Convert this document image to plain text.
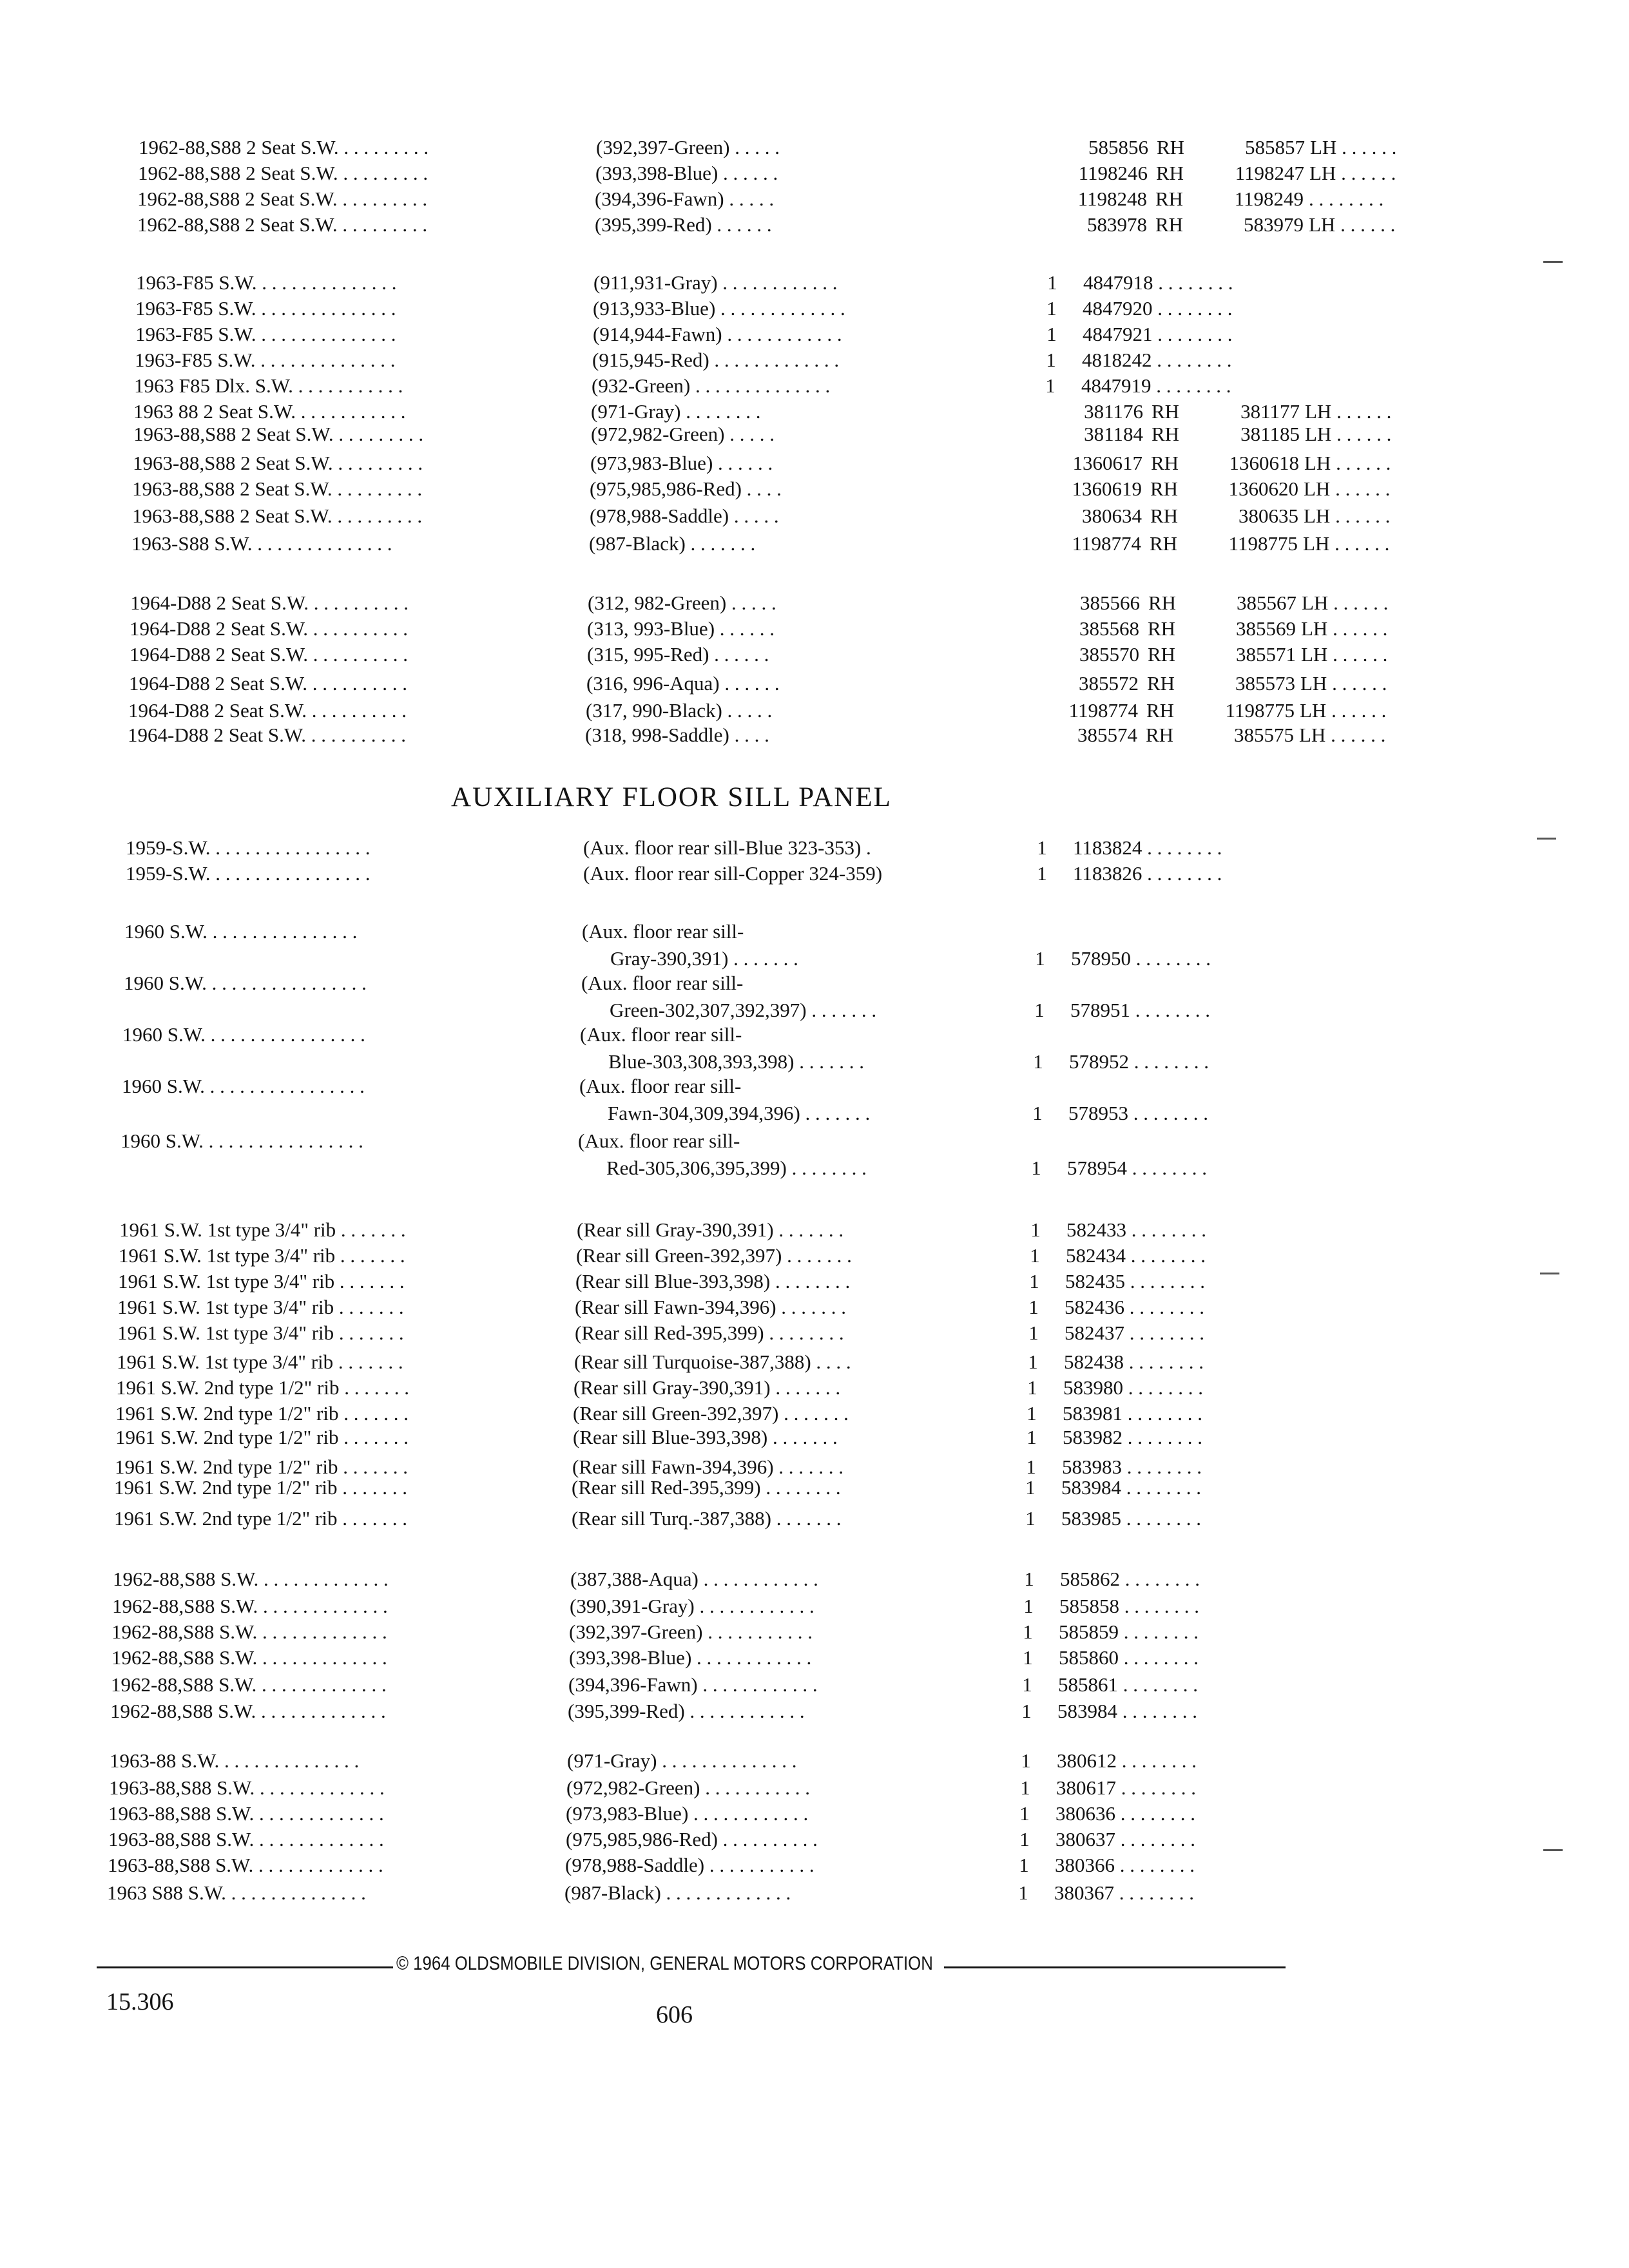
1962-88,S88 2 Seat S.W. . . . . . . . . .	(392,397-Green) . . . . .	585856 RH	585857 LH . . . . . .
1962-88,S88 2 Seat S.W. . . . . . . . . .	(393,398-Blue) . . . . . .	1198246 RH	1198247 LH . . . . . .
1962-88,S88 2 Seat S.W. . . . . . . . . .	(394,396-Fawn) . . . . .	1198248 RH	1198249 . . . . . . . .
1962-88,S88 2 Seat S.W. . . . . . . . . .	(395,399-Red) . . . . . .	583978 RH	583979 LH . . . . . .
1963-F85 S.W. . . . . . . . . . . . . . .	(911,931-Gray) . . . . . . . . . . . .	1 4847918 . . . . . . . .
1963-F85 S.W. . . . . . . . . . . . . . .	(913,933-Blue) . . . . . . . . . . . . .	1 4847920 . . . . . . . .
1963-F85 S.W. . . . . . . . . . . . . . .	(914,944-Fawn) . . . . . . . . . . . .	1 4847921 . . . . . . . .
1963-F85 S.W. . . . . . . . . . . . . . .	(915,945-Red) . . . . . . . . . . . . .	1 4818242 . . . . . . . .
1963 F85 Dlx. S.W. . . . . . . . . . . .	(932-Green) . . . . . . . . . . . . . .	1 4847919 . . . . . . . .
1963 88 2 Seat S.W. . . . . . . . . . . .	(971-Gray) . . . . . . . .	381176 RH	381177 LH . . . . . .
1963-88,S88 2 Seat S.W. . . . . . . . . .	(972,982-Green) . . . . .	381184 RH	381185 LH . . . . . .
1963-88,S88 2 Seat S.W. . . . . . . . . .	(973,983-Blue) . . . . . .	1360617 RH	1360618 LH . . . . . .
1963-88,S88 2 Seat S.W. . . . . . . . . .	(975,985,986-Red) . . . .	1360619 RH	1360620 LH . . . . . .
1963-88,S88 2 Seat S.W. . . . . . . . . .	(978,988-Saddle) . . . . .	380634 RH	380635 LH . . . . . .
1963-S88 S.W. . . . . . . . . . . . . . .	(987-Black) . . . . . . .	1198774 RH	1198775 LH . . . . . .
1964-D88 2 Seat S.W. . . . . . . . . . .	(312, 982-Green) . . . . .	385566 RH	385567 LH . . . . . .
1964-D88 2 Seat S.W. . . . . . . . . . .	(313, 993-Blue) . . . . . .	385568 RH	385569 LH . . . . . .
1964-D88 2 Seat S.W. . . . . . . . . . .	(315, 995-Red) . . . . . .	385570 RH	385571 LH . . . . . .
1964-D88 2 Seat S.W. . . . . . . . . . .	(316, 996-Aqua) . . . . . .	385572 RH	385573 LH . . . . . .
1964-D88 2 Seat S.W. . . . . . . . . . .	(317, 990-Black) . . . . .	1198774 RH	1198775 LH . . . . . .
1964-D88 2 Seat S.W. . . . . . . . . . .	(318, 998-Saddle) . . . .	385574 RH	385575 LH . . . . . .
1959-S.W. . . . . . . . . . . . . . . . .	(Aux. floor rear sill-Blue 323-353) .	1 1183824 . . . . . . . .
1959-S.W. . . . . . . . . . . . . . . . .	(Aux. floor rear sill-Copper 324-359)	1 1183826 . . . . . . . .
1960 S.W. . . . . . . . . . . . . . . .	(Aux. floor rear sill-
Gray-390,391) . . . . . . .	1 578950 . . . . . . . .
1960 S.W. . . . . . . . . . . . . . . . .	(Aux. floor rear sill-
Green-302,307,392,397) . . . . . . .	1 578951 . . . . . . . .
1960 S.W. . . . . . . . . . . . . . . . .	(Aux. floor rear sill-
Blue-303,308,393,398) . . . . . . .	1 578952 . . . . . . . .
1960 S.W. . . . . . . . . . . . . . . . .	(Aux. floor rear sill-
Fawn-304,309,394,396) . . . . . . .	1 578953 . . . . . . . .
1960 S.W. . . . . . . . . . . . . . . . .	(Aux. floor rear sill-
Red-305,306,395,399) . . . . . . . .	1 578954 . . . . . . . .
1961 S.W. 1st type 3/4" rib . . . . . . .	(Rear sill Gray-390,391) . . . . . . .	1 582433 . . . . . . . .
1961 S.W. 1st type 3/4" rib . . . . . . .	(Rear sill Green-392,397) . . . . . . .	1 582434 . . . . . . . .
1961 S.W. 1st type 3/4" rib . . . . . . .	(Rear sill Blue-393,398) . . . . . . . .	1 582435 . . . . . . . .
1961 S.W. 1st type 3/4" rib . . . . . . .	(Rear sill Fawn-394,396) . . . . . . .	1 582436 . . . . . . . .
1961 S.W. 1st type 3/4" rib . . . . . . .	(Rear sill Red-395,399) . . . . . . . .	1 582437 . . . . . . . .
1961 S.W. 1st type 3/4" rib . . . . . . .	(Rear sill Turquoise-387,388) . . . .	1 582438 . . . . . . . .
1961 S.W. 2nd type 1/2" rib . . . . . . .	(Rear sill Gray-390,391) . . . . . . .	1 583980 . . . . . . . .
1961 S.W. 2nd type 1/2" rib . . . . . . .	(Rear sill Green-392,397) . . . . . . .	1 583981 . . . . . . . .
1961 S.W. 2nd type 1/2" rib . . . . . . .	(Rear sill Blue-393,398) . . . . . . .	1 583982 . . . . . . . .
1961 S.W. 2nd type 1/2" rib . . . . . . .	(Rear sill Fawn-394,396) . . . . . . .	1 583983 . . . . . . . .
1961 S.W. 2nd type 1/2" rib . . . . . . .	(Rear sill Red-395,399) . . . . . . . .	1 583984 . . . . . . . .
1961 S.W. 2nd type 1/2" rib . . . . . . .	(Rear sill Turq.-387,388) . . . . . . .	1 583985 . . . . . . . .
1962-88,S88 S.W. . . . . . . . . . . . . .	(387,388-Aqua) . . . . . . . . . . . .	1 585862 . . . . . . . .
1962-88,S88 S.W. . . . . . . . . . . . . .	(390,391-Gray) . . . . . . . . . . . .	1 585858 . . . . . . . .
1962-88,S88 S.W. . . . . . . . . . . . . .	(392,397-Green) . . . . . . . . . . .	1 585859 . . . . . . . .
1962-88,S88 S.W. . . . . . . . . . . . . .	(393,398-Blue) . . . . . . . . . . . .	1 585860 . . . . . . . .
1962-88,S88 S.W. . . . . . . . . . . . . .	(394,396-Fawn) . . . . . . . . . . . .	1 585861 . . . . . . . .
1962-88,S88 S.W. . . . . . . . . . . . . .	(395,399-Red) . . . . . . . . . . . .	1 583984 . . . . . . . .
1963-88 S.W. . . . . . . . . . . . . . .	(971-Gray) . . . . . . . . . . . . . .	1 380612 . . . . . . . .
1963-88,S88 S.W. . . . . . . . . . . . . .	(972,982-Green) . . . . . . . . . . .	1 380617 . . . . . . . .
1963-88,S88 S.W. . . . . . . . . . . . . .	(973,983-Blue) . . . . . . . . . . . .	1 380636 . . . . . . . .
1963-88,S88 S.W. . . . . . . . . . . . . .	(975,985,986-Red) . . . . . . . . . .	1 380637 . . . . . . . .
1963-88,S88 S.W. . . . . . . . . . . . . .	(978,988-Saddle) . . . . . . . . . . .	1 380366 . . . . . . . .
1963 S88 S.W. . . . . . . . . . . . . . .	(987-Black) . . . . . . . . . . . . .	1 380367 . . . . . . . .
AUXILIARY FLOOR SILL PANEL
© 1964 OLDSMOBILE DIVISION, GENERAL MOTORS CORPORATION
15.306	606
